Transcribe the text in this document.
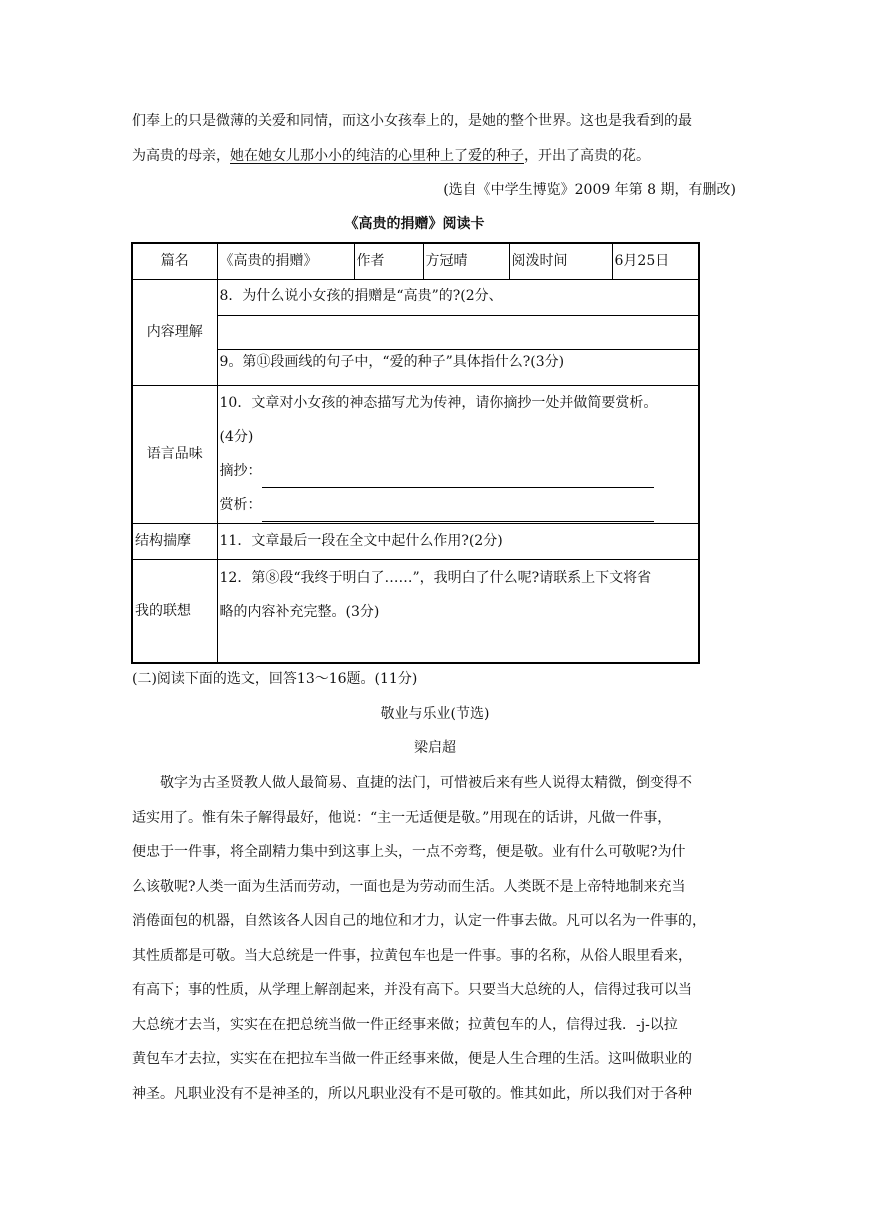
们奉上的只是微薄的关爱和同情，而这小女孩奉上的，是她的整个世界。这也是我看到的最
为高贵的母亲，她在她女儿那小小的纯洁的心里种上了爱的种子，开出了高贵的花。
(选自《中学生博览》2009 年第 8 期，有删改)
《高贵的捐赠》阅读卡
篇名	《高贵的捐赠》	作者	方冠晴	阅泼时间	6月25日
内容理解	8．为什么说小女孩的捐赠是“高贵”的?(2分、				

	9。第⑪段画线的句子中，“爱的种子”具体指什么?(3分)				
语言品味	10．文章对小女孩的神态描写尤为传神，请你摘抄一处并做简要赏析。
(4分)
摘抄：
赏析：				

结构揣摩	11．文章最后一段在全文中起什么作用?(2分)				
我的联想	12．第⑧段“我终于明白了……”，我明白了什么呢?请联系上下文将省
略的内容补充完整。(3分)				
(二)阅读下面的选文，回答13～16题。(11分)
敬业与乐业(节选)
梁启超
　　敬字为古圣贤教人做人最简易、直捷的法门，可惜被后来有些人说得太精微，倒变得不
适实用了。惟有朱子解得最好，他说：“主一无适便是敬。”用现在的话讲，凡做一件事，
便忠于一件事，将全副精力集中到这事上头，一点不旁骛，便是敬。业有什么可敬呢?为什
么该敬呢?人类一面为生活而劳动，一面也是为劳动而生活。人类既不是上帝特地制来充当
消倦面包的机器，自然该各人因自己的地位和才力，认定一件事去做。凡可以名为一件事的，
其性质都是可敬。当大总统是一件事，拉黄包车也是一件事。事的名称，从俗人眼里看来，
有高下；事的性质，从学理上解剖起来，并没有高下。只要当大总统的人，信得过我可以当
大总统才去当，实实在在把总统当做一件正经事来做；拉黄包车的人，信得过我．-j-以拉
黄包车才去拉，实实在在把拉车当做一件正经事来做，便是人生合理的生活。这叫做职业的
神圣。凡职业没有不是神圣的，所以凡职业没有不是可敬的。惟其如此，所以我们对于各种
